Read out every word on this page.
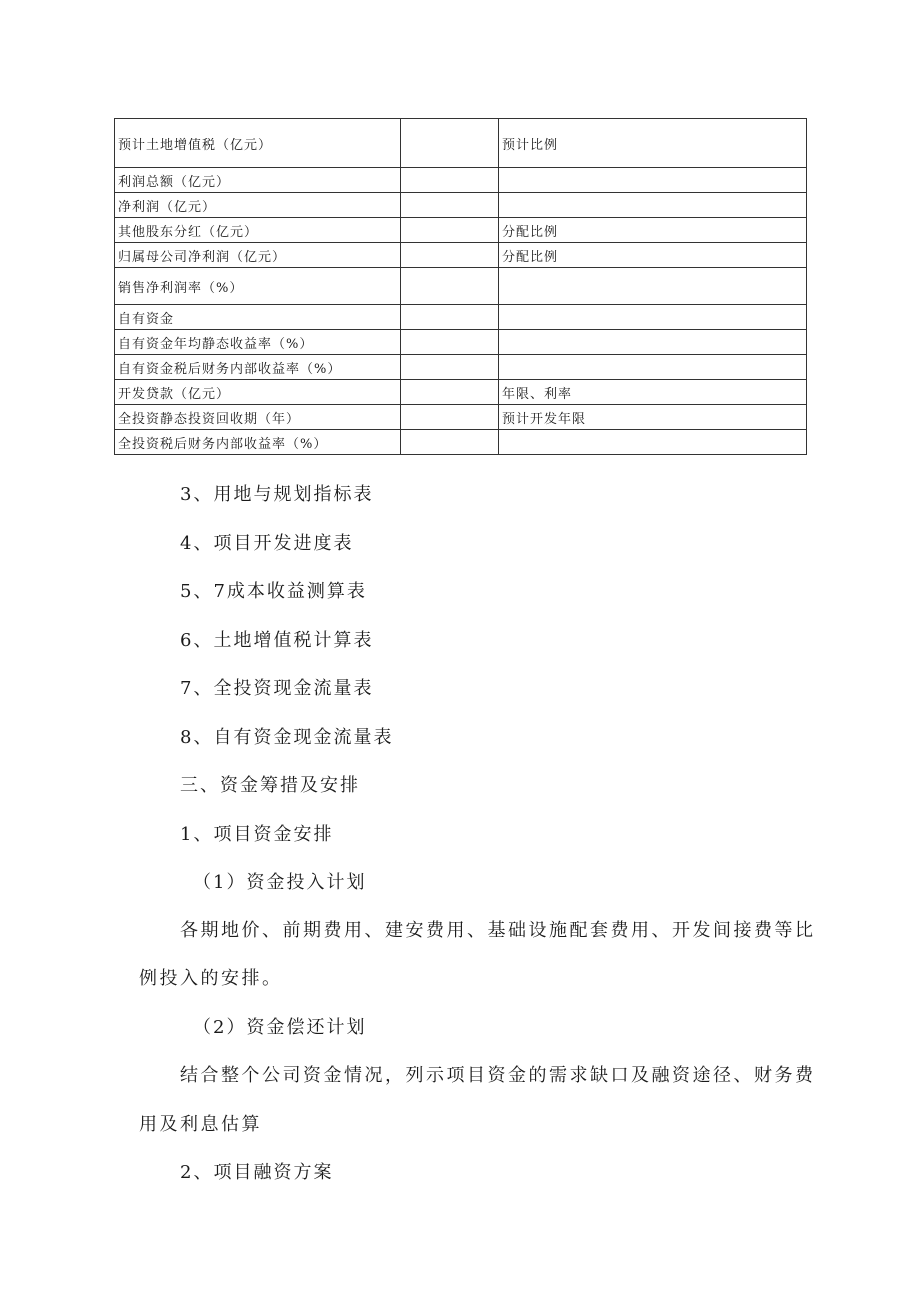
预计土地增值税（亿元）		预计比例
利润总额（亿元）		
净利润（亿元）		
其他股东分红（亿元）		分配比例
归属母公司净利润（亿元）		分配比例
销售净利润率（%）		
自有资金		
自有资金年均静态收益率（%）		
自有资金税后财务内部收益率（%）		
开发贷款（亿元）		年限、利率
全投资静态投资回收期（年）		预计开发年限
全投资税后财务内部收益率（%）		
3、用地与规划指标表
4、项目开发进度表
5、7成本收益测算表
6、土地增值税计算表
7、全投资现金流量表
8、自有资金现金流量表
三、资金筹措及安排
1、项目资金安排
（1）资金投入计划
各期地价、前期费用、建安费用、基础设施配套费用、开发间接费等比
例投入的安排。
（2）资金偿还计划
结合整个公司资金情况，列示项目资金的需求缺口及融资途径、财务费
用及利息估算
2、项目融资方案
